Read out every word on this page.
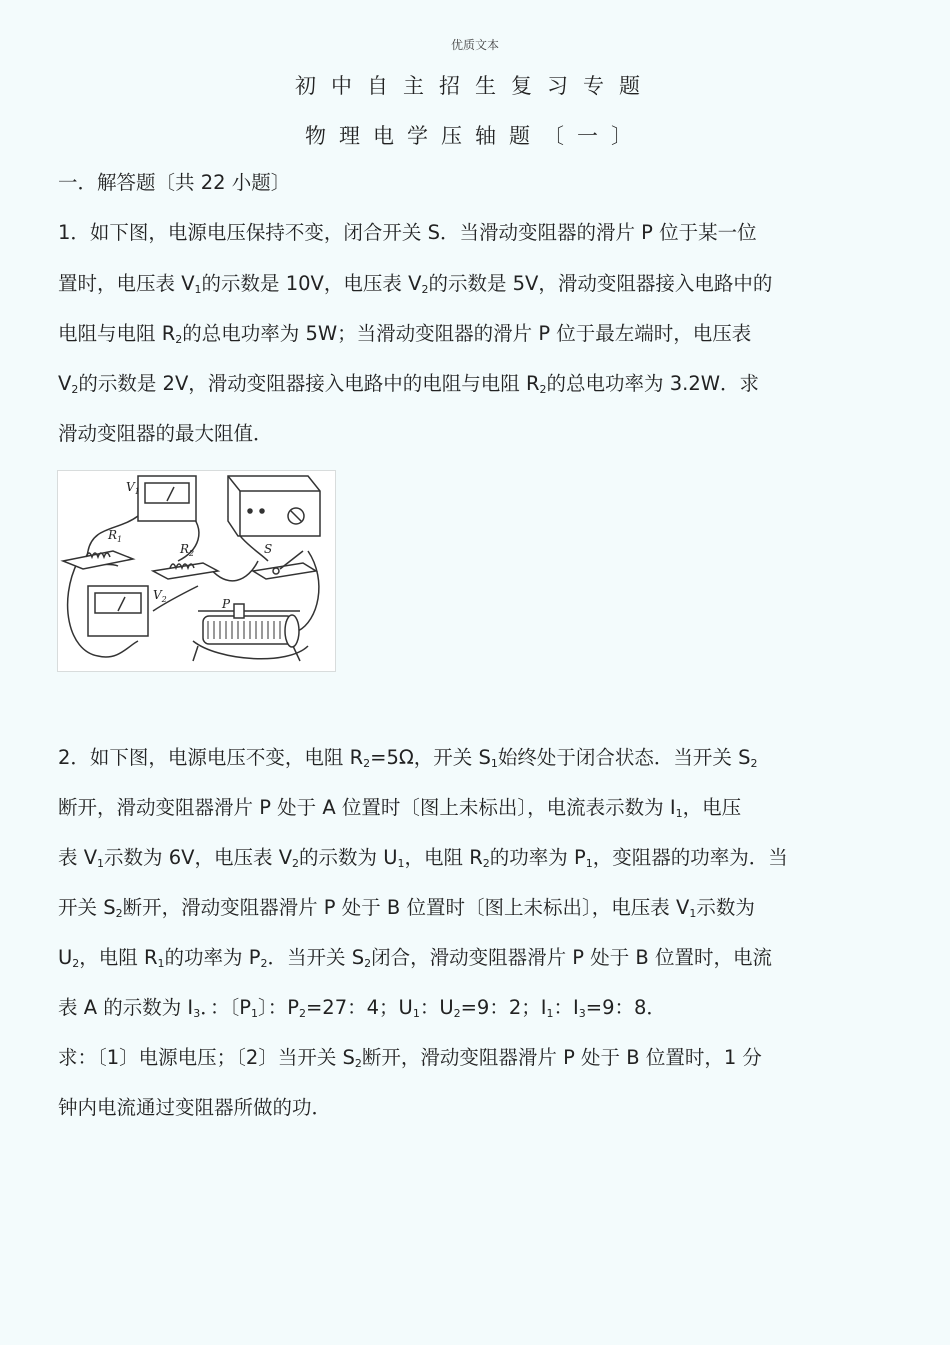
优质文本
初中自主招生复习专题
物理电学压轴题〔一〕
一．解答题〔共 22 小题〕
1．如下图，电源电压保持不变，闭合开关 S．当滑动变阻器的滑片 P 位于某一位
置时，电压表 $V_1$的示数是 10V，电压表 $V_2$的示数是 5V，滑动变阻器接入电路中的
电阻与电阻 $R_2$的总电功率为 5W；当滑动变阻器的滑片 P 位于最左端时，电压表
$V_2$的示数是 2V，滑动变阻器接入电路中的电阻与电阻 $R_2$的总电功率为 3.2W．求
滑动变阻器的最大阻值．
$V_1$
$V_2$
$R_1$
$R_2$	S
P
2．如下图，电源电压不变，电阻 $R_2=5\Omega$，开关 $S_1$始终处于闭合状态．当开关 $S_2$
断开，滑动变阻器滑片 P 处于 A 位置时〔图上未标出〕，电流表示数为 $I_1$，电压
表 $V_1$示数为 6V，电压表 $V_2$的示数为 $U_1$，电阻 $R_2$的功率为 $P_1$，变阻器的功率为．当
开关 $S_2$断开，滑动变阻器滑片 P 处于 B 位置时〔图上未标出〕，电压表 $V_1$示数为
$U_2$，电阻 $R_1$的功率为 $P_2$．当开关 $S_2$闭合，滑动变阻器滑片 P 处于 B 位置时，电流
表 A 的示数为 $I_3$．：〔$P_1$〕：$P_2=27$：4；$U_1$：$U_2=9$：2；$I_1$：$I_3=9$：8．
求：〔1〕电源电压；〔2〕当开关 $S_2$断开，滑动变阻器滑片 P 处于 B 位置时，1 分
钟内电流通过变阻器所做的功．
